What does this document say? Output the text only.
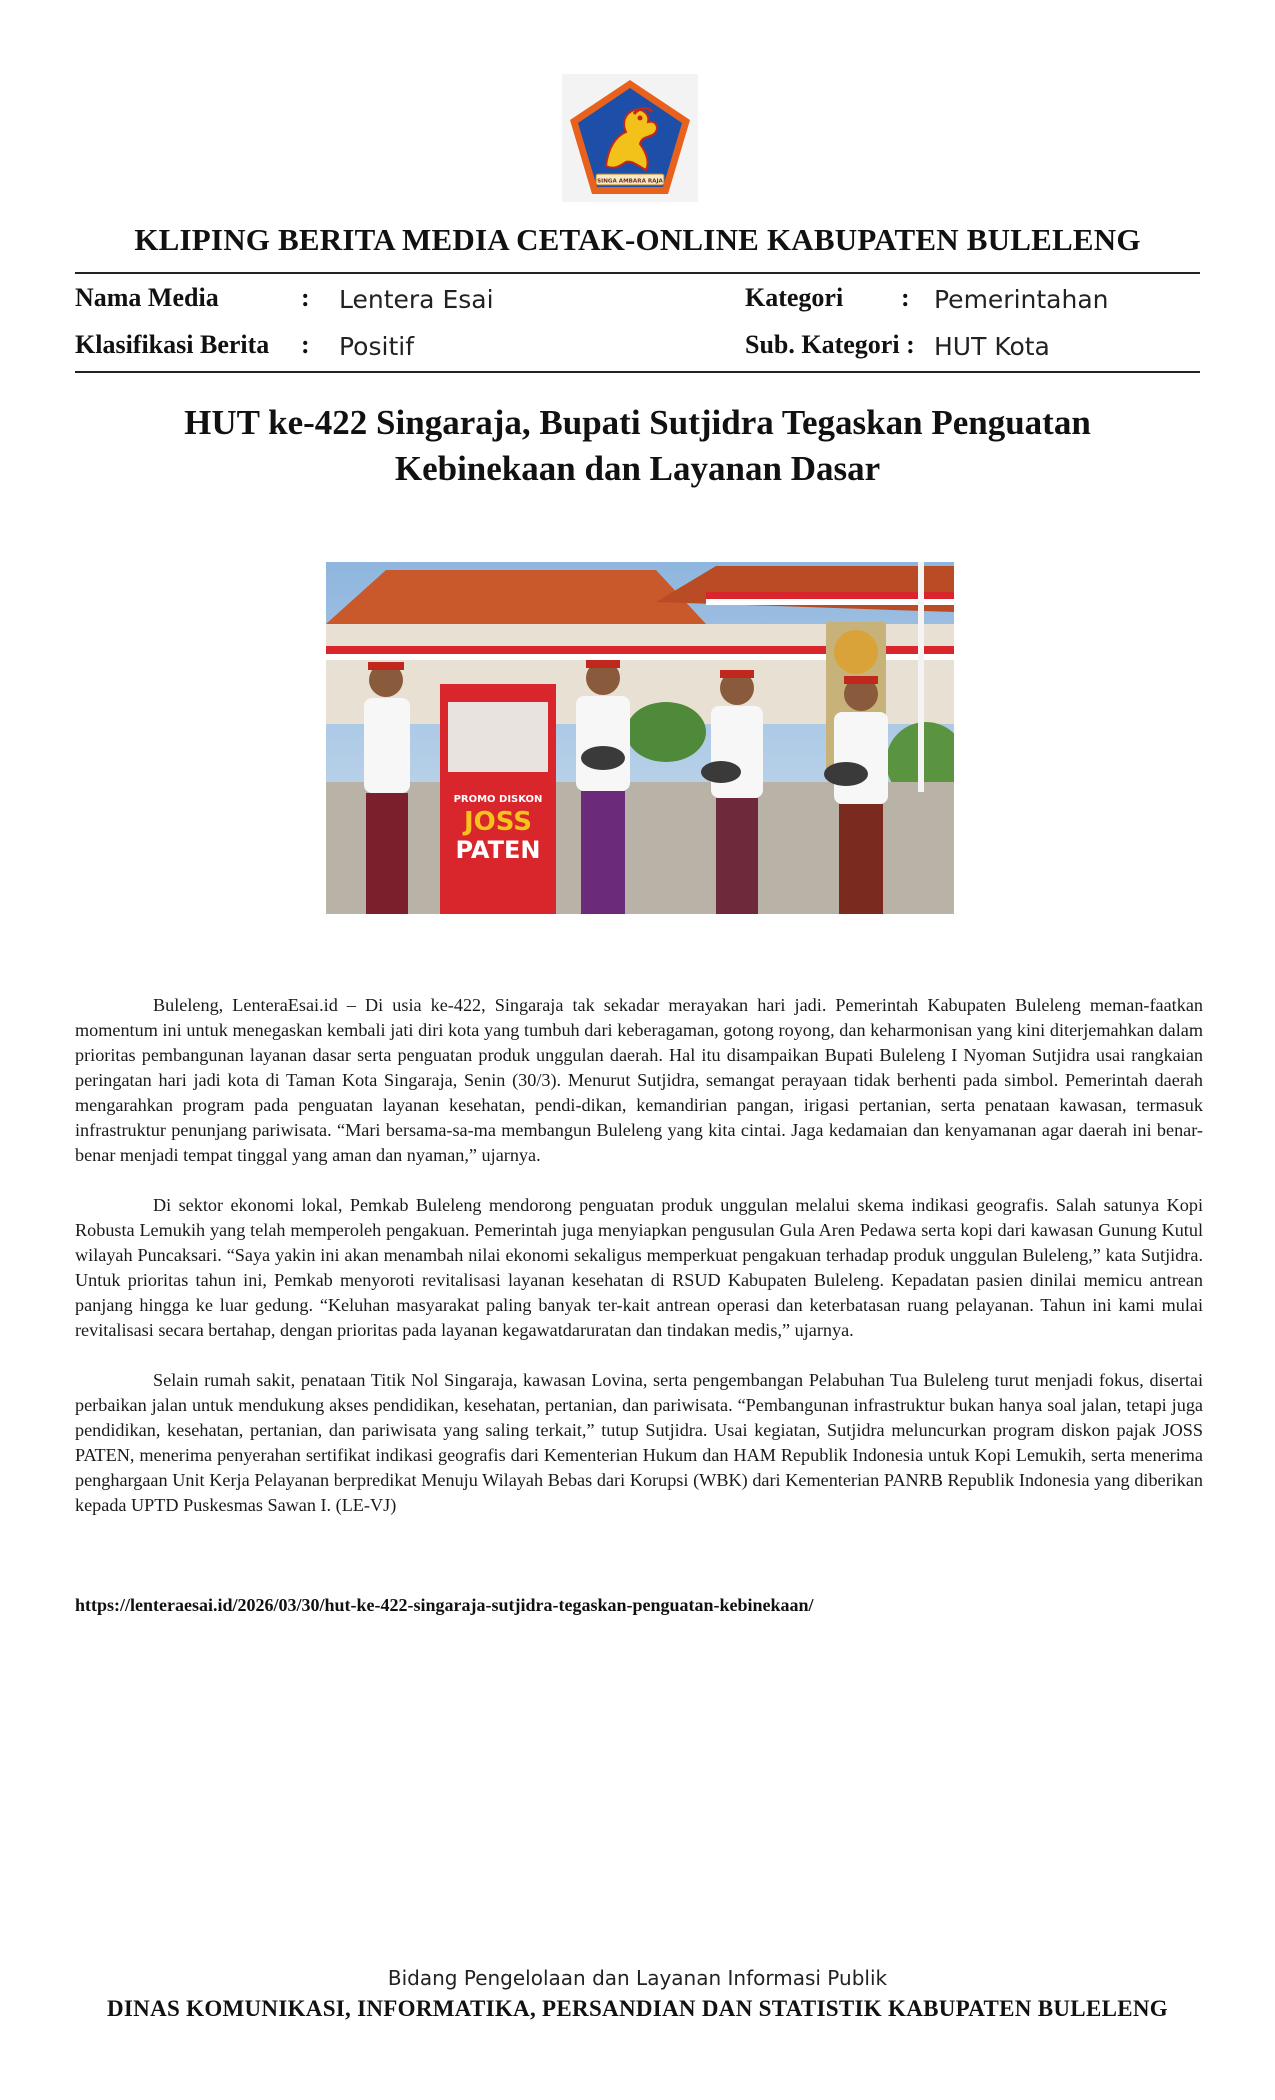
SINGA AMBARA RAJA
KLIPING BERITA MEDIA CETAK-ONLINE KABUPATEN BULELENG
Nama Media	: Lentera Esai
Klasifikasi Berita : Positif
Kategori : Pemerintahan
Sub. Kategori : HUT Kota
HUT ke-422 Singaraja, Bupati Sutjidra Tegaskan Penguatan
Kebinekaan dan Layanan Dasar
PROMO DISKON
JOSS
PATEN

Buleleng, LenteraEsai.id – Di usia ke-422, Singaraja tak sekadar merayakan hari jadi. Pemerintah Kabupaten Buleleng meman-faatkan momentum ini untuk menegaskan kembali jati diri kota yang tumbuh dari keberagaman, gotong royong, dan keharmonisan yang kini diterjemahkan dalam prioritas pembangunan layanan dasar serta penguatan produk unggulan daerah. Hal itu disampaikan Bupati Buleleng I Nyoman Sutjidra usai rangkaian peringatan hari jadi kota di Taman Kota Singaraja, Senin (30/3). Menurut Sutjidra, semangat perayaan tidak berhenti pada simbol. Pemerintah daerah mengarahkan program pada penguatan layanan kesehatan, pendi-dikan, kemandirian pangan, irigasi pertanian, serta penataan kawasan, termasuk infrastruktur penunjang pariwisata. “Mari bersama-sa-ma membangun Buleleng yang kita cintai. Jaga kedamaian dan kenyamanan agar daerah ini benar-benar menjadi tempat tinggal yang aman dan nyaman,” ujarnya.

Di sektor ekonomi lokal, Pemkab Buleleng mendorong penguatan produk unggulan melalui skema indikasi geografis. Salah satunya Kopi Robusta Lemukih yang telah memperoleh pengakuan. Pemerintah juga menyiapkan pengusulan Gula Aren Pedawa serta kopi dari kawasan Gunung Kutul wilayah Puncaksari. “Saya yakin ini akan menambah nilai ekonomi sekaligus memperkuat pengakuan terhadap produk unggulan Buleleng,” kata Sutjidra. Untuk prioritas tahun ini, Pemkab menyoroti revitalisasi layanan kesehatan di RSUD Kabupaten Buleleng. Kepadatan pasien dinilai memicu antrean panjang hingga ke luar gedung. “Keluhan masyarakat paling banyak ter-kait antrean operasi dan keterbatasan ruang pelayanan. Tahun ini kami mulai revitalisasi secara bertahap, dengan prioritas pada layanan kegawatdaruratan dan tindakan medis,” ujarnya.

Selain rumah sakit, penataan Titik Nol Singaraja, kawasan Lovina, serta pengembangan Pelabuhan Tua Buleleng turut menjadi fokus, disertai perbaikan jalan untuk mendukung akses pendidikan, kesehatan, pertanian, dan pariwisata. “Pembangunan infrastruktur bukan hanya soal jalan, tetapi juga pendidikan, kesehatan, pertanian, dan pariwisata yang saling terkait,” tutup Sutjidra. Usai kegiatan, Sutjidra meluncurkan program diskon pajak JOSS PATEN, menerima penyerahan sertifikat indikasi geografis dari Kementerian Hukum dan HAM Republik Indonesia untuk Kopi Lemukih, serta menerima penghargaan Unit Kerja Pelayanan berpredikat Menuju Wilayah Bebas dari Korupsi (WBK) dari Kementerian PANRB Republik Indonesia yang diberikan kepada UPTD Puskesmas Sawan I. (LE-VJ)

https://lenteraesai.id/2026/03/30/hut-ke-422-singaraja-sutjidra-tegaskan-penguatan-kebinekaan/
Bidang Pengelolaan dan Layanan Informasi Publik
DINAS KOMUNIKASI, INFORMATIKA, PERSANDIAN DAN STATISTIK KABUPATEN BULELENG
